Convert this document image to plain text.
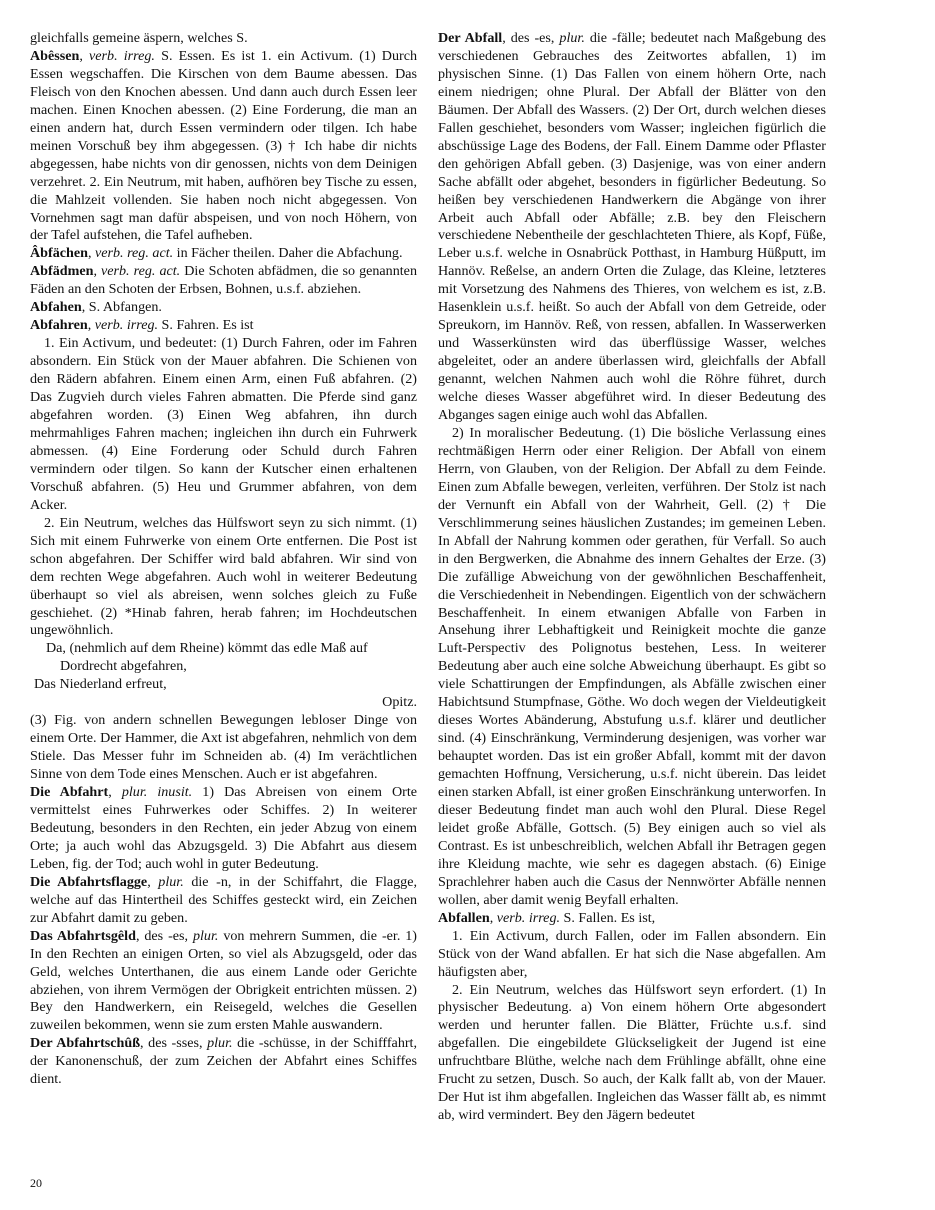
gleichfalls gemeine äspern, welches S.

Abêssen, verb. irreg. S. Essen. Es ist 1. ein Activum. (1) Durch Essen wegschaffen. Die Kirschen von dem Baume abessen. Das Fleisch von den Knochen abessen. Und dann auch durch Essen leer machen. Einen Knochen abessen. (2) Eine Forderung, die man an einen andern hat, durch Essen vermindern oder tilgen. Ich habe meinen Vorschuß bey ihm abgegessen. (3) † Ich habe dir nichts abgegessen, habe nichts von dir genossen, nichts von dem Deinigen verzehret. 2. Ein Neutrum, mit haben, aufhören bey Tische zu essen, die Mahlzeit vollenden. Sie haben noch nicht abgegessen. Von Vornehmen sagt man dafür abspeisen, und von noch Höhern, von der Tafel aufstehen, die Tafel aufheben.

Âbfächen, verb. reg. act. in Fächer theilen. Daher die Abfachung.

Abfädmen, verb. reg. act. Die Schoten abfädmen, die so genannten Fäden an den Schoten der Erbsen, Bohnen, u.s.f. abziehen.

Abfahen, S. Abfangen.

Abfahren, verb. irreg. S. Fahren. Es ist

1. Ein Activum, und bedeutet: (1) Durch Fahren, oder im Fahren absondern. Ein Stück von der Mauer abfahren. Die Schienen von den Rädern abfahren. Einem einen Arm, einen Fuß abfahren. (2) Das Zugvieh durch vieles Fahren abmatten. Die Pferde sind ganz abgefahren worden. (3) Einen Weg abfahren, ihn durch mehrmahliges Fahren machen; ingleichen ihn durch ein Fuhrwerk abmessen. (4) Eine Forderung oder Schuld durch Fahren vermindern oder tilgen. So kann der Kutscher einen erhaltenen Vorschuß abfahren. (5) Heu und Grummer abfahren, von dem Acker.

2. Ein Neutrum, welches das Hülfswort seyn zu sich nimmt. (1) Sich mit einem Fuhrwerke von einem Orte entfernen. Die Post ist schon abgefahren. Der Schiffer wird bald abfahren. Wir sind von dem rechten Wege abgefahren. Auch wohl in weiterer Bedeutung überhaupt so viel als abreisen, wenn solches gleich zu Fuße geschiehet. (2) *Hinab fahren, herab fahren; im Hochdeutschen ungewöhnlich.

Da, (nehmlich auf dem Rheine) kömmt das edle Maß auf

Dordrecht abgefahren,

Das Niederland erfreut,

Opitz.

(3) Fig. von andern schnellen Bewegungen lebloser Dinge von einem Orte. Der Hammer, die Axt ist abgefahren, nehmlich von dem Stiele. Das Messer fuhr im Schneiden ab. (4) Im verächtlichen Sinne von dem Tode eines Menschen. Auch er ist abgefahren.

Die Abfahrt, plur. inusit. 1) Das Abreisen von einem Orte vermittelst eines Fuhrwerkes oder Schiffes. 2) In weiterer Bedeutung, besonders in den Rechten, ein jeder Abzug von einem Orte; ja auch wohl das Abzugsgeld. 3) Die Abfahrt aus diesem Leben, fig. der Tod; auch wohl in guter Bedeutung.

Die Abfahrtsflagge, plur. die -n, in der Schiffahrt, die Flagge, welche auf das Hintertheil des Schiffes gesteckt wird, ein Zeichen zur Abfahrt damit zu geben.

Das Abfahrtsgêld, des -es, plur. von mehrern Summen, die -er. 1) In den Rechten an einigen Orten, so viel als Abzugsgeld, oder das Geld, welches Unterthanen, die aus einem Lande oder Gerichte abziehen, von ihrem Vermögen der Obrigkeit entrichten müssen. 2) Bey den Handwerkern, ein Reisegeld, welches die Gesellen zuweilen bekommen, wenn sie zum ersten Mahle auswandern.

Der Abfahrtschûß, des -sses, plur. die -schüsse, in der Schifffahrt, der Kanonenschuß, der zum Zeichen der Abfahrt eines Schiffes dient.

Der Abfall, des -es, plur. die -fälle; bedeutet nach Maßgebung des verschiedenen Gebrauches des Zeitwortes abfallen, 1) im physischen Sinne. (1) Das Fallen von einem höhern Orte, nach einem niedrigen; ohne Plural. Der Abfall der Blätter von den Bäumen. Der Abfall des Wassers. (2) Der Ort, durch welchen dieses Fallen geschiehet, besonders vom Wasser; ingleichen figürlich die abschüssige Lage des Bodens, der Fall. Einem Damme oder Pflaster den gehörigen Abfall geben. (3) Dasjenige, was von einer andern Sache abfällt oder abgehet, besonders in figürlicher Bedeutung. So heißen bey verschiedenen Handwerkern die Abgänge von ihrer Arbeit auch Abfall oder Abfälle; z.B. bey den Fleischern verschiedene Nebentheile der geschlachteten Thiere, als Kopf, Füße, Leber u.s.f. welche in Osnabrück Potthast, in Hamburg Hüßputt, im Hannöv. Reßelse, an andern Orten die Zulage, das Kleine, letzteres mit Vorsetzung des Nahmens des Thieres, von welchem es ist, z.B. Hasenklein u.s.f. heißt. So auch der Abfall von dem Getreide, oder Spreukorn, im Hannöv. Reß, von ressen, abfallen. In Wasserwerken und Wasserkünsten wird das überflüssige Wasser, welches abgeleitet, oder an andere überlassen wird, gleichfalls der Abfall genannt, welchen Nahmen auch wohl die Röhre führet, durch welche dieses Wasser abgeführet wird. In dieser Bedeutung des Abganges sagen einige auch wohl das Abfallen.

2) In moralischer Bedeutung. (1) Die bösliche Verlassung eines rechtmäßigen Herrn oder einer Religion. Der Abfall von einem Herrn, von Glauben, von der Religion. Der Abfall zu dem Feinde. Einen zum Abfalle bewegen, verleiten, verführen. Der Stolz ist nach der Vernunft ein Abfall von der Wahrheit, Gell. (2) † Die Verschlimmerung seines häuslichen Zustandes; im gemeinen Leben. In Abfall der Nahrung kommen oder gerathen, für Verfall. So auch in den Bergwerken, die Abnahme des innern Gehaltes der Erze. (3) Die zufällige Abweichung von der gewöhnlichen Beschaffenheit, die Verschiedenheit in Nebendingen. Eigentlich von der schwächern Beschaffenheit. In einem etwanigen Abfalle von Farben in Ansehung ihrer Lebhaftigkeit und Reinigkeit mochte die ganze Luft-Perspectiv des Polignotus bestehen, Less. In weiterer Bedeutung aber auch eine solche Abweichung überhaupt. Es gibt so viele Schattirungen der Empfindungen, als Abfälle zwischen einer Habichtsund Stumpfnase, Göthe. Wo doch wegen der Vieldeutigkeit dieses Wortes Abänderung, Abstufung u.s.f. klärer und deutlicher sind. (4) Einschränkung, Verminderung desjenigen, was vorher war behauptet worden. Das ist ein großer Abfall, kommt mit der davon gemachten Hoffnung, Versicherung, u.s.f. nicht überein. Das leidet einen starken Abfall, ist einer großen Einschränkung unterworfen. In dieser Bedeutung findet man auch wohl den Plural. Diese Regel leidet große Abfälle, Gottsch. (5) Bey einigen auch so viel als Contrast. Es ist unbeschreiblich, welchen Abfall ihr Betragen gegen ihre Kleidung machte, wie sehr es dagegen abstach. (6) Einige Sprachlehrer haben auch die Casus der Nennwörter Abfälle nennen wollen, aber damit wenig Beyfall erhalten.

Abfallen, verb. irreg. S. Fallen. Es ist,

1. Ein Activum, durch Fallen, oder im Fallen absondern. Ein Stück von der Wand abfallen. Er hat sich die Nase abgefallen. Am häufigsten aber,

2. Ein Neutrum, welches das Hülfswort seyn erfordert. (1) In physischer Bedeutung. a) Von einem höhern Orte abgesondert werden und herunter fallen. Die Blätter, Früchte u.s.f. sind abgefallen. Die eingebildete Glückseligkeit der Jugend ist eine unfruchtbare Blüthe, welche nach dem Frühlinge abfällt, ohne eine Frucht zu setzen, Dusch. So auch, der Kalk fallt ab, von der Mauer. Der Hut ist ihm abgefallen. Ingleichen das Wasser fällt ab, es nimmt ab, wird vermindert. Bey den Jägern bedeutet

20
